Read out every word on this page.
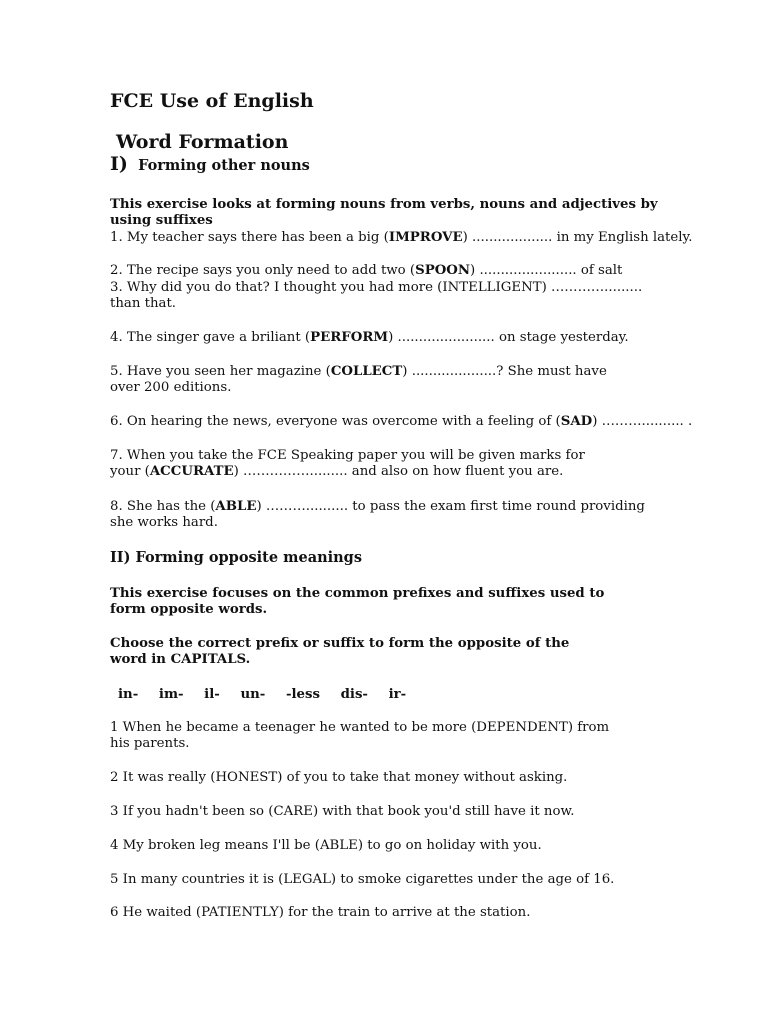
FCE Use of English
Word Formation
I) Forming other nouns
This exercise looks at forming nouns from verbs, nouns and adjectives by using suffixes
1. My teacher says there has been a big (IMPROVE) ................... in my English lately.
2. The recipe says you only need to add two (SPOON) ....................... of salt
3. Why did you do that? I thought you had more (INTELLIGENT) …………......... than that.
4. The singer gave a briliant (PERFORM) ....................... on stage yesterday.
5. Have you seen her magazine (COLLECT) ....................? She must have over 200 editions.
6. On hearing the news, everyone was overcome with a feeling of (SAD) ……….......... .
7. When you take the FCE Speaking paper you will be given marks for your (ACCURATE) ……………......... and also on how fluent you are.
8. She has the (ABLE) ……….......... to pass the exam first time round providing she works hard.
II) Forming opposite meanings
This exercise focuses on the common prefixes and suffixes used to form opposite words.
Choose the correct prefix or suffix to form the opposite of the word in CAPITALS.
in- im- il- un- -less dis- ir-
1 When he became a teenager he wanted to be more (DEPENDENT) from his parents.
2 It was really (HONEST) of you to take that money without asking.
3 If you hadn't been so (CARE) with that book you'd still have it now.
4 My broken leg means I'll be (ABLE) to go on holiday with you.
5 In many countries it is (LEGAL) to smoke cigarettes under the age of 16.
6 He waited (PATIENTLY) for the train to arrive at the station.
